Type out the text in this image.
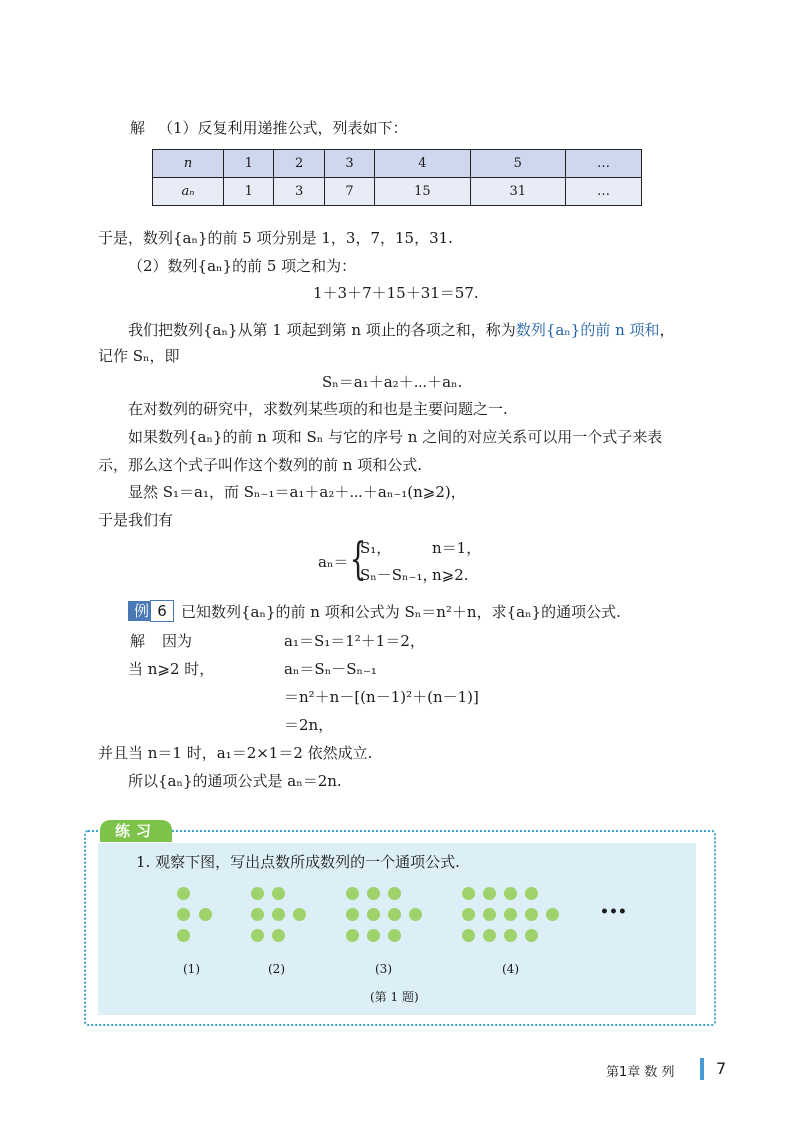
解 （1）反复利用递推公式，列表如下：
n	1	2	3	4	5	…
aₙ	1	3	7	15	31	…
于是，数列{aₙ}的前 5 项分别是 1，3，7，15，31.
（2）数列{aₙ}的前 5 项之和为：
1＋3＋7＋15＋31＝57.
我们把数列{aₙ}从第 1 项起到第 n 项止的各项之和，称为数列{aₙ}的前 n 项和，
记作 Sₙ，即
Sₙ＝a₁＋a₂＋⋯＋aₙ.
在对数列的研究中，求数列某些项的和也是主要问题之一.
如果数列{aₙ}的前 n 项和 Sₙ 与它的序号 n 之间的对应关系可以用一个式子来表
示，那么这个式子叫作这个数列的前 n 项和公式.
显然 S₁＝a₁，而 Sₙ₋₁＝a₁＋a₂＋⋯＋aₙ₋₁(n⩾2)，
于是我们有
aₙ＝ {
S₁，	n＝1，
Sₙ－Sₙ₋₁，
n⩾2.
例 6 已知数列{aₙ}的前 n 项和公式为 Sₙ＝n²＋n，求{aₙ}的通项公式.
解 因为	a₁＝S₁＝1²＋1＝2，
当 n⩾2 时，	aₙ＝Sₙ－Sₙ₋₁
＝n²＋n－[(n－1)²＋(n－1)]
＝2n，
并且当 n＝1 时，a₁＝2×1＝2 依然成立.
所以{aₙ}的通项公式是 aₙ＝2n.
练习
1. 观察下图，写出点数所成数列的一个通项公式.
•••
(1)	(2)	(3)	(4)
(第 1 题)
第1章 数 列	7
